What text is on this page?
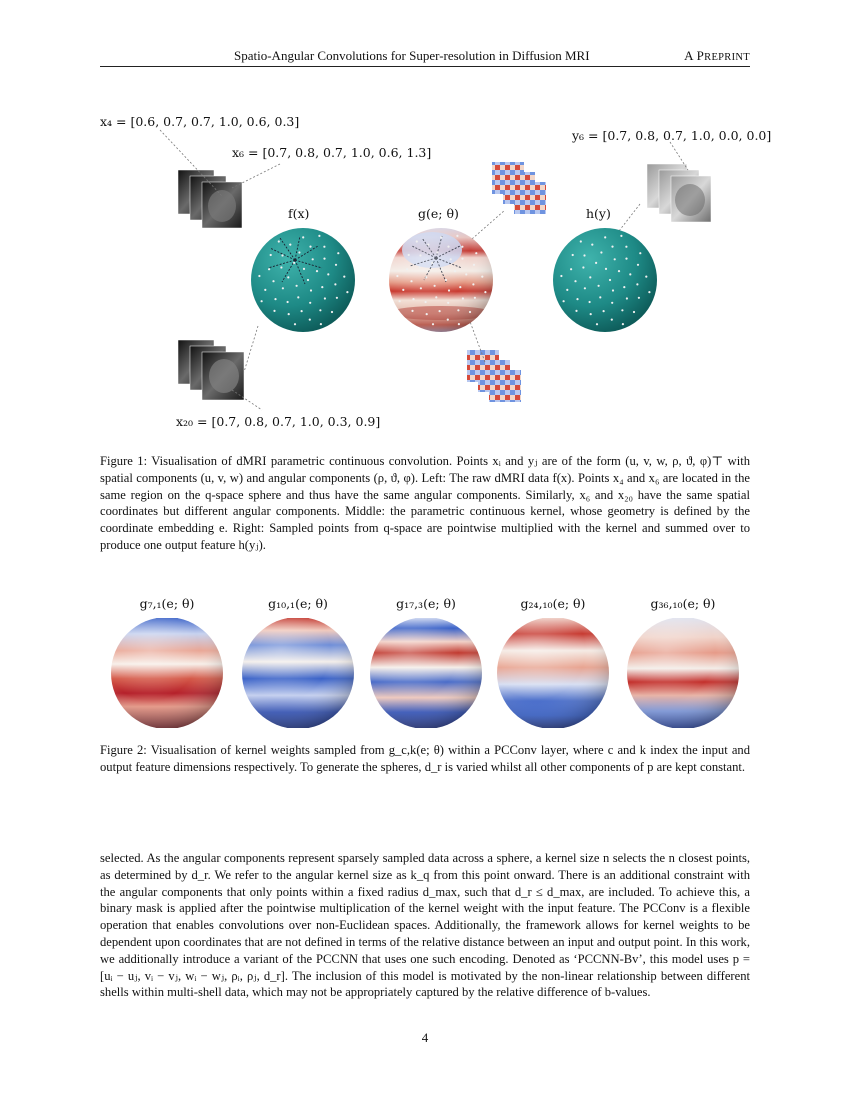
Spatio-Angular Convolutions for Super-resolution in Diffusion MRI	A PREPRINT
x₄ = [0.6, 0.7, 0.7, 1.0, 0.6, 0.3]
x₆ = [0.7, 0.8, 0.7, 1.0, 0.6, 1.3]
y₆ = [0.7, 0.8, 0.7, 1.0, 0.0, 0.0]
x₂₀ = [0.7, 0.8, 0.7, 1.0, 0.3, 0.9]
f(x)	g(e; θ)	h(y)
Figure 1: Visualisation of dMRI parametric continuous convolution. Points xᵢ and yⱼ are of the form (u, v, w, ρ, ϑ, φ)⊤ with spatial components (u, v, w) and angular components (ρ, ϑ, φ). Left: The raw dMRI data f(x). Points x₄ and x₆ are located in the same region on the q-space sphere and thus have the same angular components. Similarly, x₆ and x₂₀ have the same spatial coordinates but different angular components. Middle: the parametric continuous kernel, whose geometry is defined by the coordinate embedding e. Right: Sampled points from q-space are pointwise multiplied with the kernel and summed over to produce one output feature h(yⱼ).
g₇,₁(e; θ)	g₁₀,₁(e; θ)	g₁₇,₃(e; θ)	g₂₄,₁₀(e; θ)	g₃₆,₁₀(e; θ)
Figure 2: Visualisation of kernel weights sampled from g_c,k(e; θ) within a PCConv layer, where c and k index the input and output feature dimensions respectively. To generate the spheres, d_r is varied whilst all other components of p are kept constant.
selected. As the angular components represent sparsely sampled data across a sphere, a kernel size n selects the n closest points, as determined by d_r. We refer to the angular kernel size as k_q from this point onward. There is an additional constraint with the angular components that only points within a fixed radius d_max, such that d_r ≤ d_max, are included. To achieve this, a binary mask is applied after the pointwise multiplication of the kernel weight with the input feature. The PCConv is a flexible operation that enables convolutions over non-Euclidean spaces. Additionally, the framework allows for kernel weights to be dependent upon coordinates that are not defined in terms of the relative distance between an input and output point. In this work, we additionally introduce a variant of the PCCNN that uses one such encoding. Denoted as ‘PCCNN-Bv’, this model uses p = [uᵢ − uⱼ, vᵢ − vⱼ, wᵢ − wⱼ, ρᵢ, ρⱼ, d_r]. The inclusion of this model is motivated by the non-linear relationship between different shells within multi-shell data, which may not be appropriately captured by the relative difference of b-values.
4
